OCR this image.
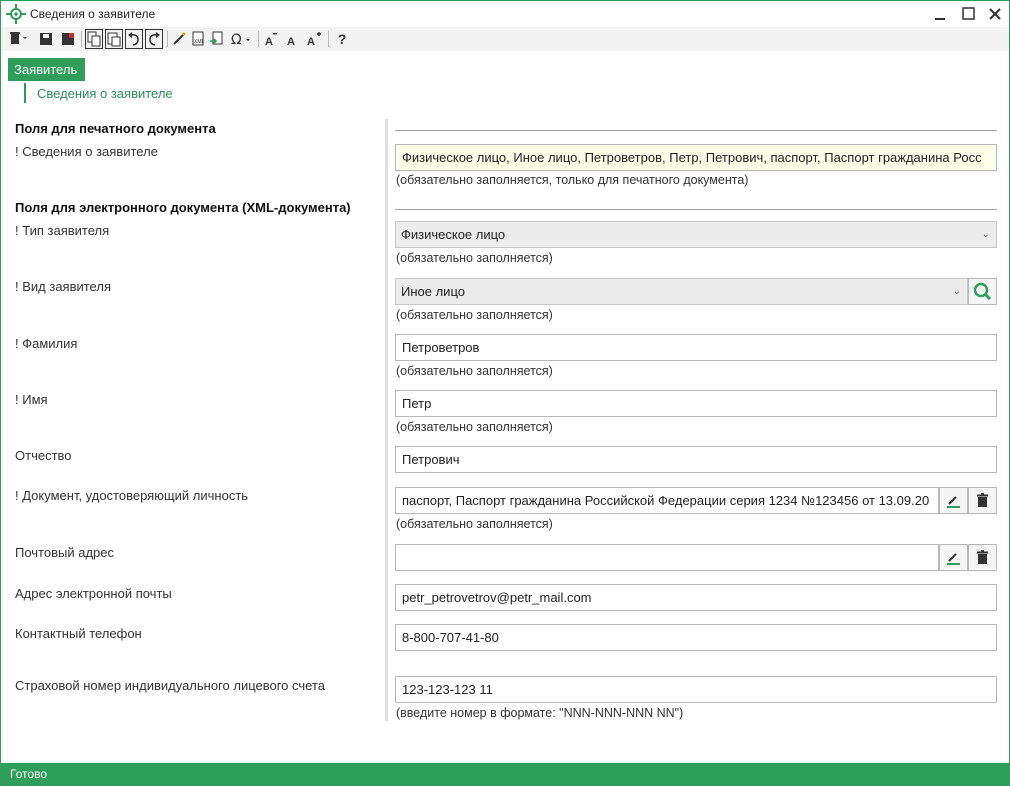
Сведения о заявителе
XML Ω A A A ?
Заявитель
Сведения о заявителе
Поля для печатного документа
! Сведения о заявителе	Физическое лицо, Иное лицо, Петроветров, Петр, Петрович, паспорт, Паспорт гражданина Росс
(обязательно заполняется, только для печатного документа)
Поля для электронного документа (XML-документа)
! Тип заявителя	Физическое лицо	⌄
(обязательно заполняется)
! Вид заявителя	Иное лицо	⌄
(обязательно заполняется)
! Фамилия	Петроветров
(обязательно заполняется)
! Имя	Петр
(обязательно заполняется)
Отчество	Петрович
! Документ, удостоверяющий личность	паспорт, Паспорт гражданина Российской Федерации серия 1234 №123456 от 13.09.20
(обязательно заполняется)
Почтовый адрес
Адрес электронной почты	petr_petrovetrov@petr_mail.com
Контактный телефон	8-800-707-41-80
Страховой номер индивидуального лицевого счета	123-123-123 11
(введите номер в формате: "NNN-NNN-NNN NN")
Готово
